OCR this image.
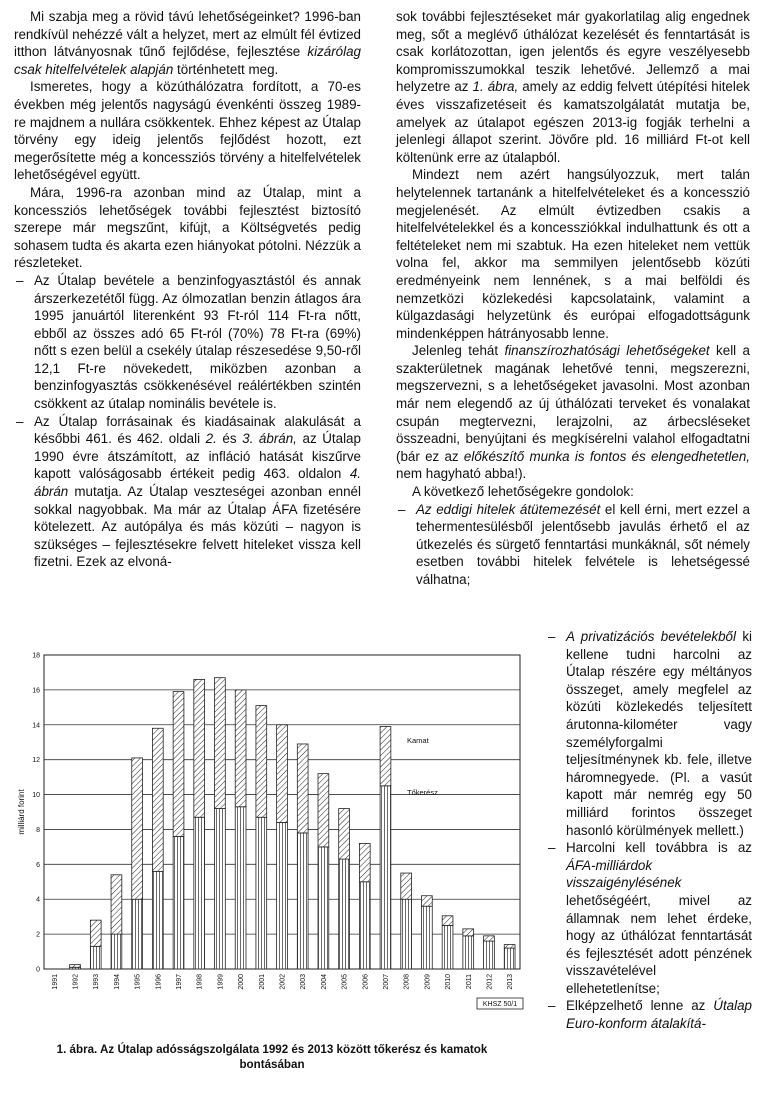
Mi szabja meg a rövid távú lehetőségeinket? 1996-ban rendkívül nehézzé vált a helyzet, mert az elmúlt fél évtized itthon látványosnak tűnő fejlődése, fejlesztése kizárólag csak hitelfelvételek alapján történhetett meg.

Ismeretes, hogy a közúthálózatra fordított, a 70-es években még jelentős nagyságú évenkénti összeg 1989-re majdnem a nullára csökkentek. Ehhez képest az Útalap törvény egy ideig jelentős fejlődést hozott, ezt megerősítette még a koncessziós törvény a hitelfelvételek lehetőségével együtt.

Mára, 1996-ra azonban mind az Útalap, mint a koncessziós lehetőségek további fejlesztést biztosító szerepe már megszűnt, kifújt, a Költségvetés pedig sohasem tudta és akarta ezen hiányokat pótolni. Nézzük a részleteket.

– Az Útalap bevétele a benzinfogyasztástól és annak árszerkezetétől függ. Az ólmozatlan benzin átlagos ára 1995 januártól literenként 93 Ft-ról 114 Ft-ra nőtt, ebből az összes adó 65 Ft-ról (70%) 78 Ft-ra (69%) nőtt s ezen belül a csekély útalap részesedése 9,50-ről 12,1 Ft-re növekedett, miközben azonban a benzinfogyasztás csökkenésével reálértékben szintén csökkent az útalap nominális bevétele is.

– Az Útalap forrásainak és kiadásainak alakulását a későbbi 461. és 462. oldali 2. és 3. ábrán, az Útalap 1990 évre átszámított, az infláció hatását kiszűrve kapott valóságosabb értékeit pedig 463. oldalon 4. ábrán mutatja. Az Útalap veszteségei azonban ennél sokkal nagyobbak. Ma már az Útalap ÁFA fizetésére kötelezett. Az autópálya és más közúti – nagyon is szükséges – fejlesztésekre felvett hiteleket vissza kell fizetni. Ezek az elvoná-

sok további fejlesztéseket már gyakorlatilag alig engednek meg, sőt a meglévő úthálózat kezelését és fenntartását is csak korlátozottan, igen jelentős és egyre veszélyesebb kompromisszumokkal teszik lehetővé. Jellemző a mai helyzetre az 1. ábra, amely az eddig felvett útépítési hitelek éves visszafizetéseit és kamatszolgálatát mutatja be, amelyek az útalapot egészen 2013-ig fogják terhelni a jelenlegi állapot szerint. Jövőre pld. 16 milliárd Ft-ot kell költenünk erre az útalapból.

Mindezt nem azért hangsúlyozzuk, mert talán helytelennek tartanánk a hitelfelvételeket és a koncesszió megjelenését. Az elmúlt évtizedben csakis a hitelfelvételekkel és a koncessziókkal indulhattunk és ott a feltételeket nem mi szabtuk. Ha ezen hiteleket nem vettük volna fel, akkor ma semmilyen jelentősebb közúti eredményeink nem lennének, s a mai belföldi és nemzetközi közlekedési kapcsolataink, valamint a külgazdasági helyzetünk és európai elfogadottságunk mindenképpen hátrányosabb lenne.

Jelenleg tehát finanszírozhatósági lehetőségeket kell a szakterületnek magának lehetővé tenni, megszerezni, megszervezni, s a lehetőségeket javasolni. Most azonban már nem elegendő az új úthálózati terveket és vonalakat csupán megtervezni, lerajzolni, az árbecsléseket összeadni, benyújtani és megkísérelni valahol elfogadtatni (bár ez az előkészítő munka is fontos és elengedhetetlen, nem hagyható abba!).

A következő lehetőségekre gondolok:

– Az eddigi hitelek átütemezését el kell érni, mert ezzel a tehermentesülésből jelentősebb javulás érhető el az útkezelés és sürgető fenntartási munkáknál, sőt némely esetben további hitelek felvétele is lehetségessé válhatna;

– A privatizációs bevételekből ki kellene tudni harcolni az Útalap részére egy méltányos összeget, amely megfelel az közúti közlekedés teljesített árutonna-kilométer vagy személyforgalmi teljesítménynek kb. fele, illetve háromnegyede. (Pl. a vasút kapott már nemrég egy 50 milliárd forintos összeget hasonló körülmények mellett.)

– Harcolni kell továbbra is az ÁFA-milliárdok visszaigénylésének lehetőségéért, mivel az államnak nem lehet érdeke, hogy az úthálózat fenntartását és fejlesztését adott pénzének visszavételével ellehetetlenítse;

– Elképzelhető lenne az Útalap Euro-konform átalakítá-

0
2
4
6
8
10
12
14
16
18
milliárd forint
1991 1992 1993 1994 1995 1996 1997 1998 1999 2000 2001 2002 2003 2004 2005 2006 2007 2008 2009 2010 2011 2012 2013
Kamat
Tőkerész
KHSZ 50/1
1. ábra. Az Útalap adósságszolgálata 1992 és 2013 között tőkerész és kamatok
bontásában
